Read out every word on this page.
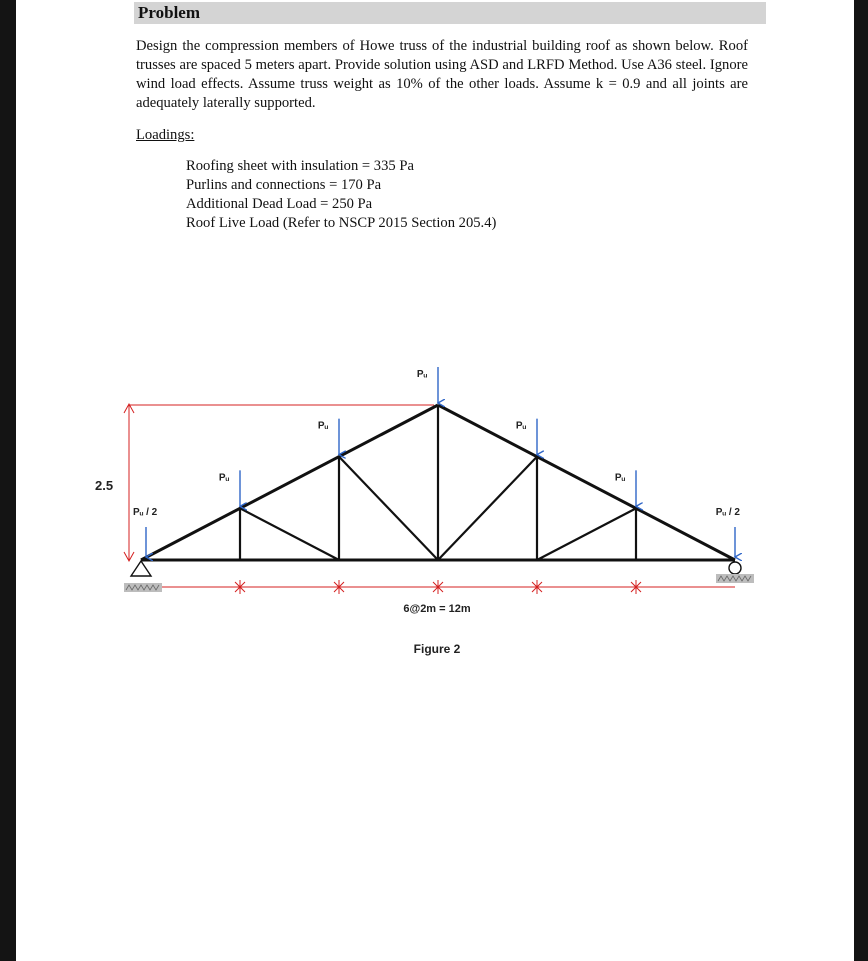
Problem
Design the compression members of Howe truss of the industrial building roof as shown below. Roof trusses are spaced 5 meters apart. Provide solution using ASD and LRFD Method. Use A36 steel. Ignore wind load effects. Assume truss weight as 10% of the other loads. Assume k = 0.9 and all joints are adequately laterally supported.
Loadings:
Roofing sheet with insulation = 335 Pa
Purlins and connections = 170 Pa
Additional Dead Load = 250 Pa
Roof Live Load (Refer to NSCP 2015 Section 205.4)
2.5
6@2m = 12m
Pᵤ / 2
Pᵤ
Pᵤ
Pᵤ
Pᵤ
Pᵤ
Pᵤ / 2
Figure 2
